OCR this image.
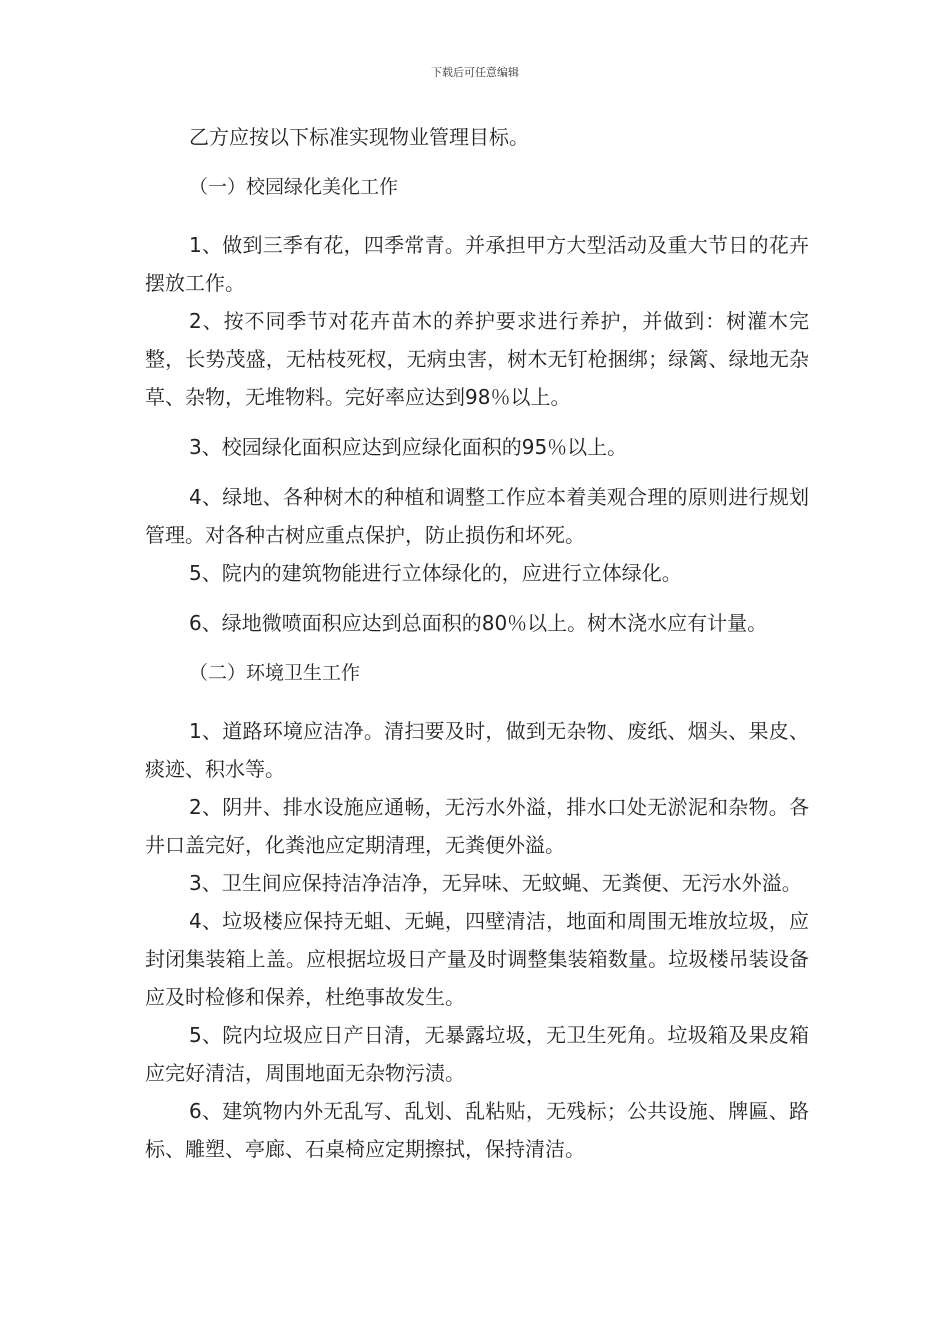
下载后可任意编辑

乙方应按以下标准实现物业管理目标。

（一）校园绿化美化工作

1、做到三季有花，四季常青。并承担甲方大型活动及重大节日的花卉摆放工作。

2、按不同季节对花卉苗木的养护要求进行养护，并做到：树灌木完整，长势茂盛，无枯枝死杈，无病虫害，树木无钉枪捆绑；绿篱、绿地无杂草、杂物，无堆物料。完好率应达到98％以上。

3、校园绿化面积应达到应绿化面积的95％以上。

4、绿地、各种树木的种植和调整工作应本着美观合理的原则进行规划管理。对各种古树应重点保护，防止损伤和坏死。

5、院内的建筑物能进行立体绿化的，应进行立体绿化。

6、绿地微喷面积应达到总面积的80％以上。树木浇水应有计量。

（二）环境卫生工作

1、道路环境应洁净。清扫要及时，做到无杂物、废纸、烟头、果皮、痰迹、积水等。

2、阴井、排水设施应通畅，无污水外溢，排水口处无淤泥和杂物。各井口盖完好，化粪池应定期清理，无粪便外溢。

3、卫生间应保持洁净洁净，无异味、无蚊蝇、无粪便、无污水外溢。

4、垃圾楼应保持无蛆、无蝇，四壁清洁，地面和周围无堆放垃圾，应封闭集装箱上盖。应根据垃圾日产量及时调整集装箱数量。垃圾楼吊装设备应及时检修和保养，杜绝事故发生。

5、院内垃圾应日产日清，无暴露垃圾，无卫生死角。垃圾箱及果皮箱应完好清洁，周围地面无杂物污渍。

6、建筑物内外无乱写、乱划、乱粘贴，无残标；公共设施、牌匾、路标、雕塑、亭廊、石桌椅应定期擦拭，保持清洁。
